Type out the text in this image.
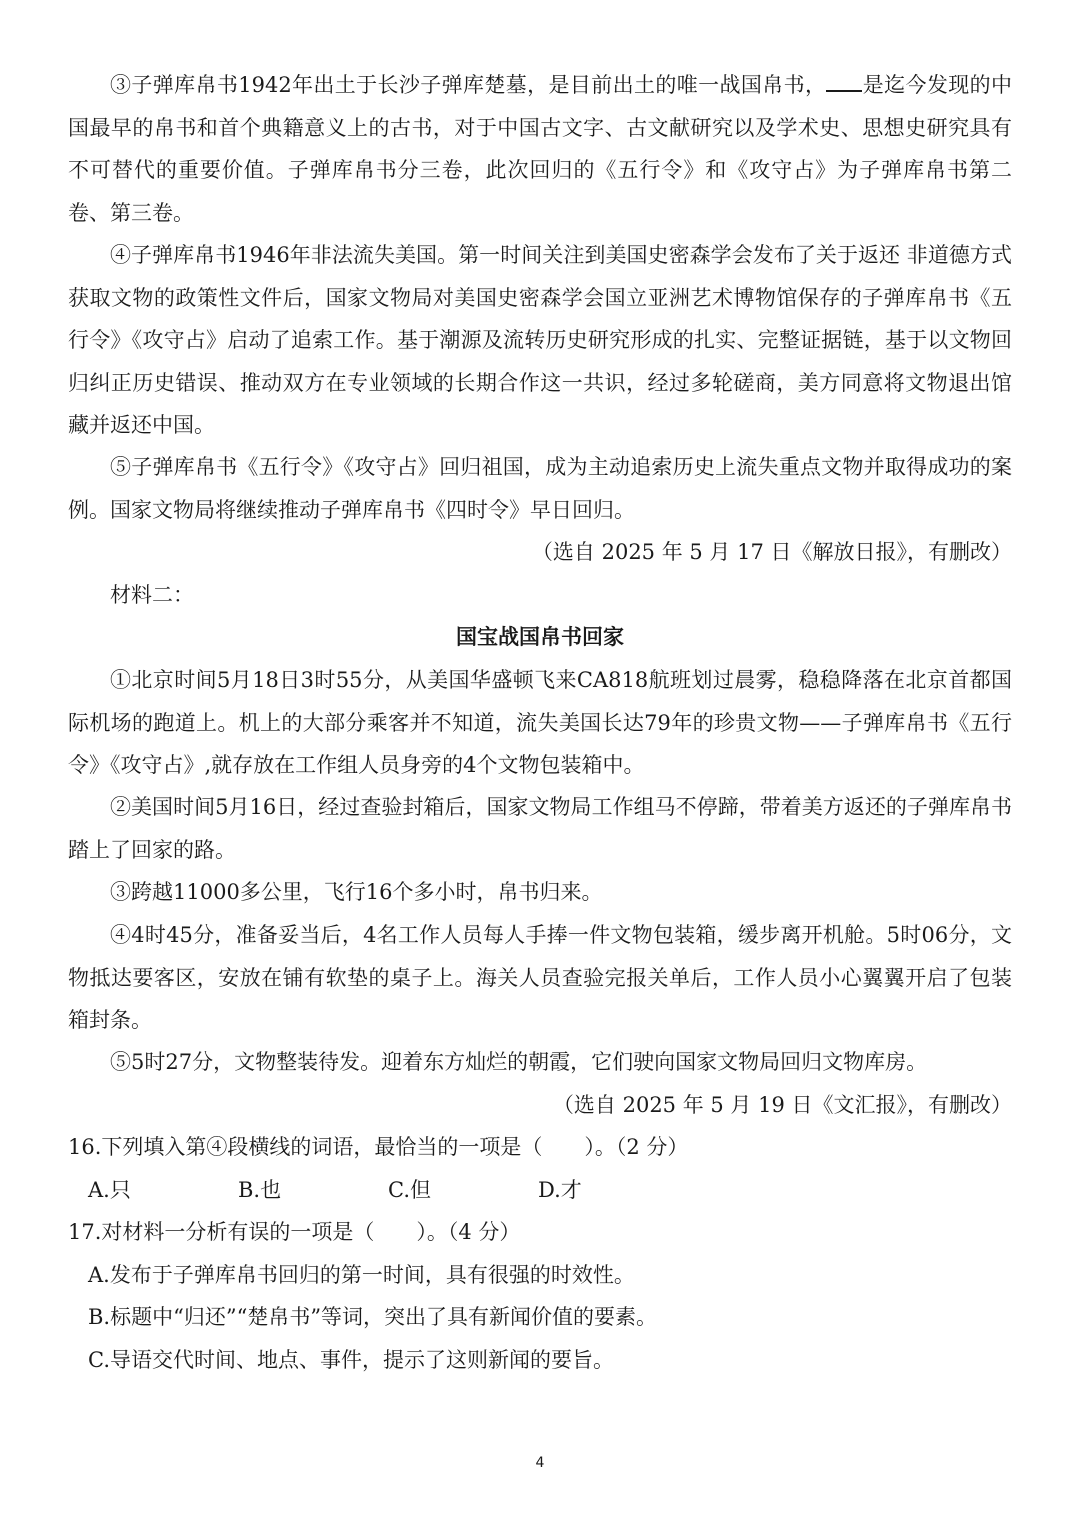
③子弹库帛书1942年出土于长沙子弹库楚墓，是目前出土的唯一战国帛书， 是迄今发现的中国最早的帛书和首个典籍意义上的古书，对于中国古文字、古文献研究以及学术史、思想史研究具有不可替代的重要价值。子弹库帛书分三卷，此次回归的《五行令》和《攻守占》为子弹库帛书第二卷、第三卷。

④子弹库帛书1946年非法流失美国。第一时间关注到美国史密森学会发布了关于返还 非道德方式获取文物的政策性文件后，国家文物局对美国史密森学会国立亚洲艺术博物馆保存的子弹库帛书《五行令》《攻守占》启动了追索工作。基于潮源及流转历史研究形成的扎实、完整证据链，基于以文物回归纠正历史错误、推动双方在专业领域的长期合作这一共识，经过多轮磋商，美方同意将文物退出馆藏并返还中国。

⑤子弹库帛书《五行令》《攻守占》回归祖国，成为主动追索历史上流失重点文物并取得成功的案例。国家文物局将继续推动子弹库帛书《四时令》早日回归。

（选自 2025 年 5 月 17 日《解放日报》，有删改）

材料二：

国宝战国帛书回家

①北京时间5月18日3时55分，从美国华盛顿飞来CA818航班划过晨雾，稳稳降落在北京首都国际机场的跑道上。机上的大部分乘客并不知道，流失美国长达79年的珍贵文物——子弹库帛书《五行令》《攻守占》,就存放在工作组人员身旁的4个文物包装箱中。

②美国时间5月16日，经过查验封箱后，国家文物局工作组马不停蹄，带着美方返还的子弹库帛书踏上了回家的路。

③跨越11000多公里，飞行16个多小时，帛书归来。

④4时45分，准备妥当后，4名工作人员每人手捧一件文物包装箱，缓步离开机舱。5时06分，文物抵达要客区，安放在铺有软垫的桌子上。海关人员查验完报关单后，工作人员小心翼翼开启了包装箱封条。

⑤5时27分，文物整装待发。迎着东方灿烂的朝霞，它们驶向国家文物局回归文物库房。

（选自 2025 年 5 月 19 日《文汇报》，有删改）

16.下列填入第④段横线的词语，最恰当的一项是（　　）。（2 分）

A.只	B.也	C.但	D.才

17.对材料一分析有误的一项是（　　）。（4 分）

A.发布于子弹库帛书回归的第一时间，具有很强的时效性。

B.标题中“归还”“楚帛书”等词，突出了具有新闻价值的要素。

C.导语交代时间、地点、事件，提示了这则新闻的要旨。

4
